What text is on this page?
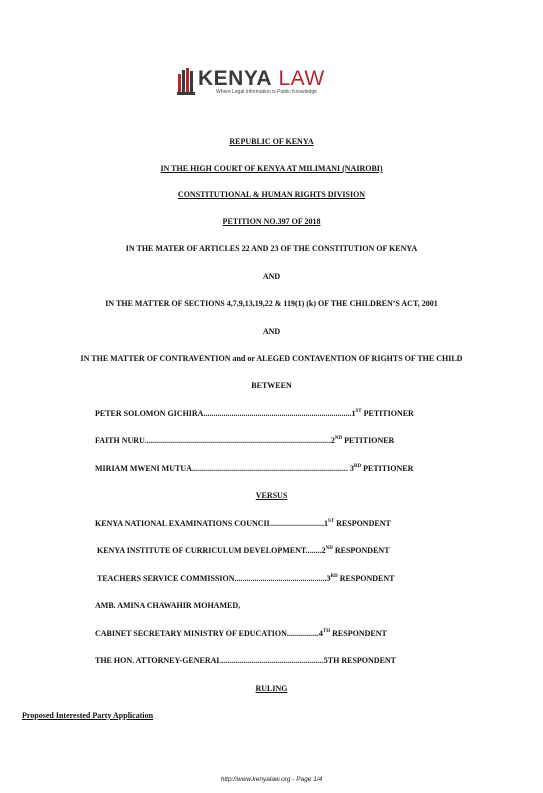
KENYA LAW
Where Legal Information is Public Knowledge
REPUBLIC OF KENYA
IN THE HIGH COURT OF KENYA AT MILIMANI (NAIROBI)
CONSTITUTIONAL & HUMAN RIGHTS DIVISION
PETITION NO.397 OF 2018
IN THE MATER OF ARTICLES 22 AND 23 OF THE CONSTITUTION OF KENYA
AND
IN THE MATTER OF SECTIONS 4,7,9,13,19,22 & 119(1) (k) OF THE CHILDREN’S ACT, 2001
AND
IN THE MATTER OF CONTRAVENTION and or ALEGED CONTAVENTION OF RIGHTS OF THE CHILD
BETWEEN
PETER SOLOMON GICHIRA..........................................................................1ST PETITIONER
FAITH NURU.............................................................................................2ND PETITIONER
MIRIAM MWENI MUTUA.............................................................................. 3RD PETITIONER
VERSUS
KENYA NATIONAL EXAMINATIONS COUNCIL..........................1ST RESPONDENT
KENYA INSTITUTE OF CURRICULUM DEVELOPMENT........2ND RESPONDENT
TEACHERS SERVICE COMMISSION..............................................3RD RESPONDENT
AMB. AMINA CHAWAHIR MOHAMED,
CABINET SECRETARY MINISTRY OF EDUCATION................4TH RESPONDENT
THE HON. ATTORNEY-GENERAL...................................................5TH RESPONDENT
RULING
Proposed Interested Party Application
http://www.kenyalaw.org - Page 1/4
